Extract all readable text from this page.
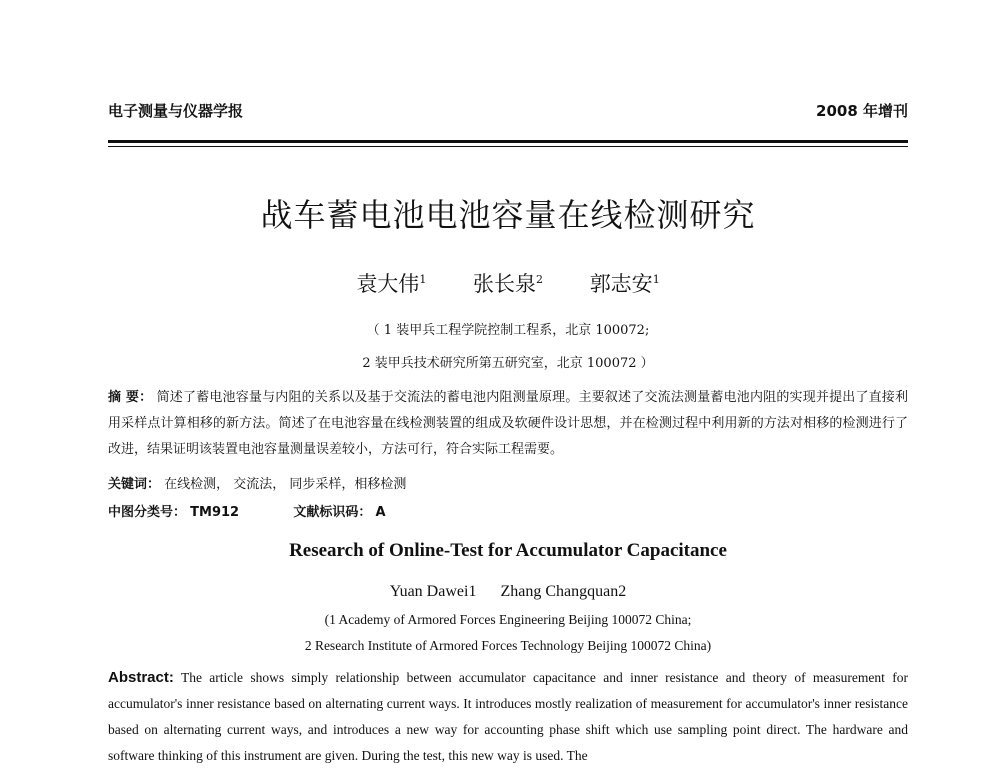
电子测量与仪器学报	2008 年增刊
战车蓄电池电池容量在线检测研究
袁大伟$^1$ 张长泉$^2$ 郭志安$^1$
（ 1 装甲兵工程学院控制工程系，北京 100072;
2 装甲兵技术研究所第五研究室，北京 100072 ）
摘 要： 简述了蓄电池容量与内阻的关系以及基于交流法的蓄电池内阻测量原理。主要叙述了交流法测量蓄电池内阻的实现并提出了直接利用采样点计算相移的新方法。简述了在电池容量在线检测装置的组成及软硬件设计思想，并在检测过程中利用新的方法对相移的检测进行了改进，结果证明该装置电池容量测量误差较小，方法可行，符合实际工程需要。
关键词： 在线检测， 交流法， 同步采样，相移检测
中图分类号： TM912	文献标识码： A
Research of Online-Test for Accumulator Capacitance
Yuan Dawei1 Zhang Changquan2
(1 Academy of Armored Forces Engineering Beijing 100072 China;
2 Research Institute of Armored Forces Technology Beijing 100072 China)
Abstract: The article shows simply relationship between accumulator capacitance and inner resistance and theory of measurement for accumulator's inner resistance based on alternating current ways. It introduces mostly realization of measurement for accumulator's inner resistance based on alternating current ways, and introduces a new way for accounting phase shift which use sampling point direct. The hardware and software thinking of this instrument are given. During the test, this new way is used. The
